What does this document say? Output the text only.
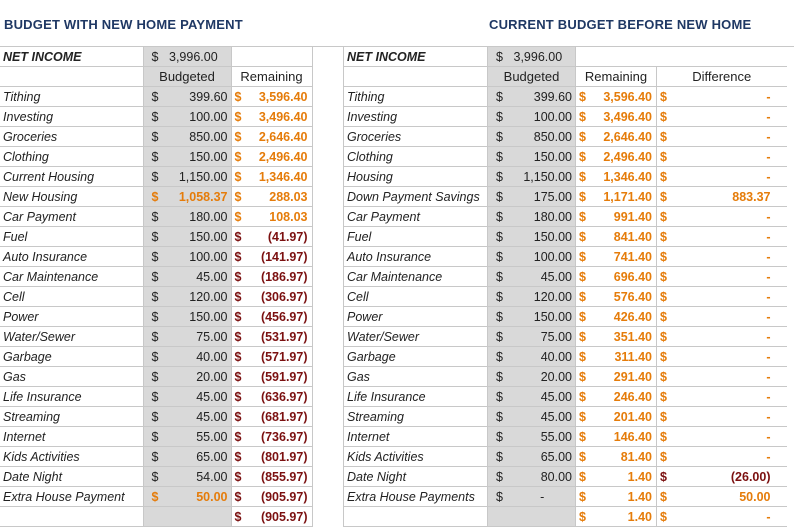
BUDGET WITH NEW HOME PAYMENT	CURRENT BUDGET BEFORE NEW HOME
NET INCOME	$	3,996.00		
	Budgeted		Remaining	
Tithing	$	399.60	$	3,596.40
Investing	$	100.00	$	3,496.40
Groceries	$	850.00	$	2,646.40
Clothing	$	150.00	$	2,496.40
Current Housing	$	1,150.00	$	1,346.40
New Housing	$	1,058.37	$	288.03
Car Payment	$	180.00	$	108.03
Fuel	$	150.00	$	(41.97)
Auto Insurance	$	100.00	$	(141.97)
Car Maintenance	$	45.00	$	(186.97)
Cell	$	120.00	$	(306.97)
Power	$	150.00	$	(456.97)
Water/Sewer	$	75.00	$	(531.97)
Garbage	$	40.00	$	(571.97)
Gas	$	20.00	$	(591.97)
Life Insurance	$	45.00	$	(636.97)
Streaming	$	45.00	$	(681.97)
Internet	$	55.00	$	(736.97)
Kids Activities	$	65.00	$	(801.97)
Date Night	$	54.00	$	(855.97)
Extra House Payment	$	50.00	$	(905.97)
			$	(905.97)
NET INCOME	$	3,996.00				
	Budgeted		Remaining		Difference	
Tithing	$	399.60	$	3,596.40	$	-
Investing	$	100.00	$	3,496.40	$	-
Groceries	$	850.00	$	2,646.40	$	-
Clothing	$	150.00	$	2,496.40	$	-
Housing	$	1,150.00	$	1,346.40	$	-
Down Payment Savings	$	175.00	$	1,171.40	$	883.37
Car Payment	$	180.00	$	991.40	$	-
Fuel	$	150.00	$	841.40	$	-
Auto Insurance	$	100.00	$	741.40	$	-
Car Maintenance	$	45.00	$	696.40	$	-
Cell	$	120.00	$	576.40	$	-
Power	$	150.00	$	426.40	$	-
Water/Sewer	$	75.00	$	351.40	$	-
Garbage	$	40.00	$	311.40	$	-
Gas	$	20.00	$	291.40	$	-
Life Insurance	$	45.00	$	246.40	$	-
Streaming	$	45.00	$	201.40	$	-
Internet	$	55.00	$	146.40	$	-
Kids Activities	$	65.00	$	81.40	$	-
Date Night	$	80.00	$	1.40	$	(26.00)
Extra House Payments	$	-	$	1.40	$	50.00
			$	1.40	$	-
